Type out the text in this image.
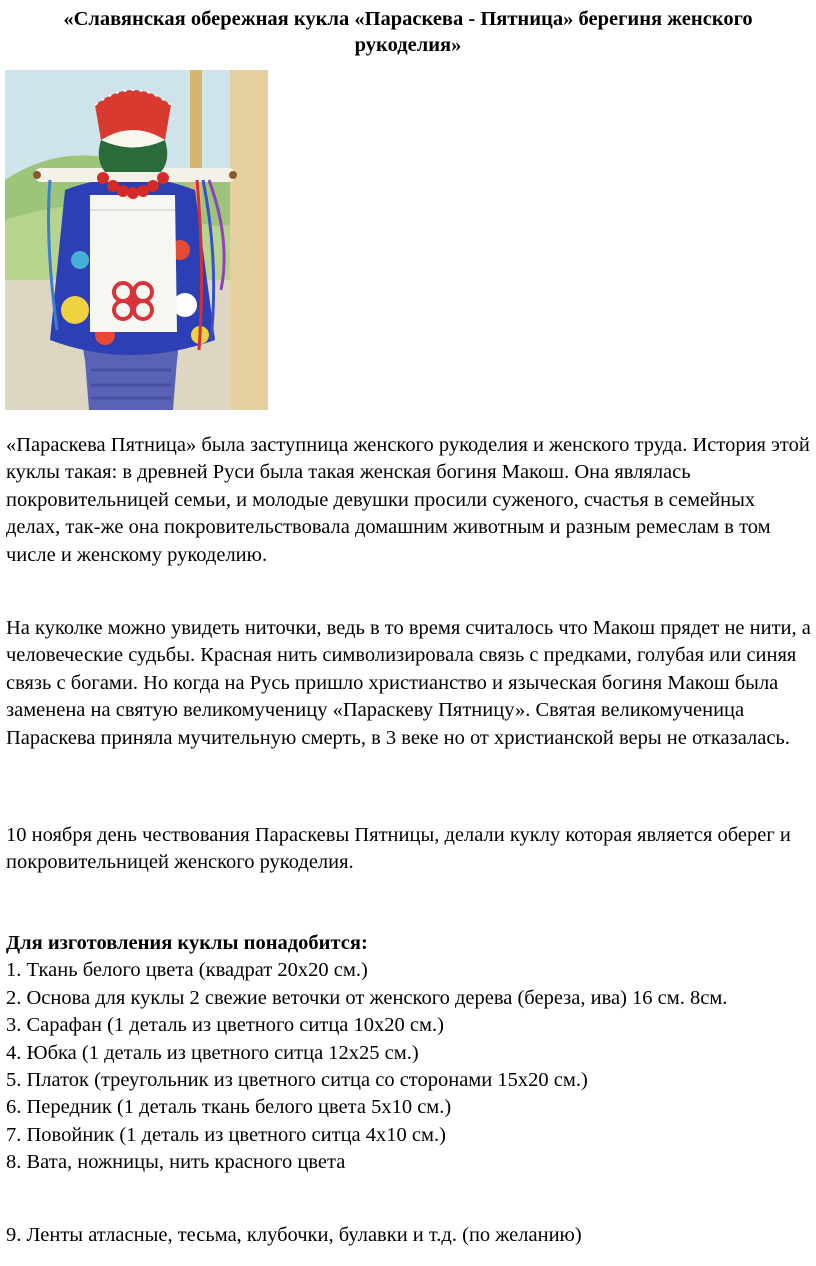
«Славянская обережная кукла «Параскева - Пятница» берегиня женского рукоделия»

«Параскева Пятница» была заступница женского рукоделия и женского труда. История этой куклы такая: в древней Руси была такая женская богиня Макош. Она являлась покровительницей семьи, и молодые девушки просили суженого, счастья в семейных делах, так-же она покровительствовала домашним животным и разным ремеслам в том числе и женскому рукоделию.

На куколке можно увидеть ниточки, ведь в то время считалось что Макош прядет не нити, а человеческие судьбы. Красная нить символизировала связь с предками, голубая или синяя связь с богами. Но когда на Русь пришло христианство и языческая богиня Макош была заменена на святую великомученицу «Параскеву Пятницу». Святая великомученица Параскева приняла мучительную смерть, в 3 веке но от христианской веры не отказалась.

10 ноября день чествования Параскевы Пятницы, делали куклу которая является оберег и покровительницей женского рукоделия.

Для изготовления куклы понадобится:
1. Ткань белого цвета (квадрат 20х20 см.)
2. Основа для куклы 2 свежие веточки от женского дерева (береза, ива) 16 см. 8см.
3. Сарафан (1 деталь из цветного ситца 10х20 см.)
4. Юбка (1 деталь из цветного ситца 12х25 см.)
5. Платок (треугольник из цветного ситца со сторонами 15х20 см.)
6. Передник (1 деталь ткань белого цвета 5х10 см.)
7. Повойник (1 деталь из цветного ситца 4х10 см.)
8. Вата, ножницы, нить красного цвета

9. Ленты атласные, тесьма, клубочки, булавки и т.д. (по желанию)
